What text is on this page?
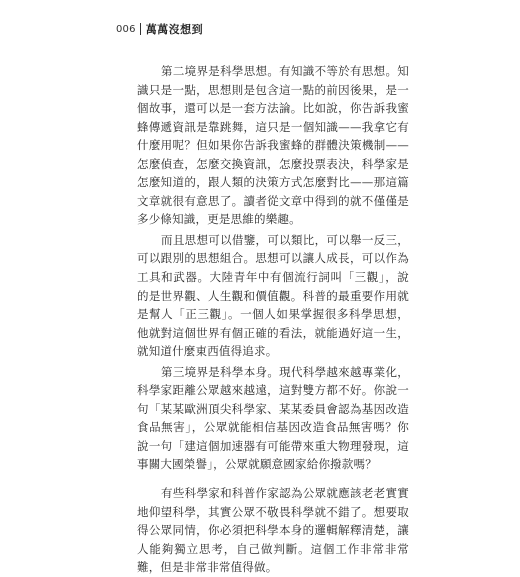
006 萬萬沒想到

第二境界是科學思想。有知識不等於有思想。知識只是一點，思想則是包含這一點的前因後果，是一個故事，還可以是一套方法論。比如說，你告訴我蜜蜂傳遞資訊是靠跳舞，這只是一個知識——我拿它有什麼用呢？但如果你告訴我蜜蜂的群體決策機制——怎麼偵查，怎麼交換資訊，怎麼投票表決，科學家是怎麼知道的，跟人類的決策方式怎麼對比——那這篇文章就很有意思了。讀者從文章中得到的就不僅僅是多少條知識，更是思維的樂趣。

而且思想可以借鑒，可以類比，可以舉一反三，可以跟別的思想組合。思想可以讓人成長，可以作為工具和武器。大陸青年中有個流行詞叫「三觀」，說的是世界觀、人生觀和價值觀。科普的最重要作用就是幫人「正三觀」。一個人如果掌握很多科學思想，他就對這個世界有個正確的看法，就能過好這一生，就知道什麼東西值得追求。

第三境界是科學本身。現代科學越來越專業化，科學家距離公眾越來越遠，這對雙方都不好。你說一句「某某歐洲頂尖科學家、某某委員會認為基因改造食品無害」，公眾就能相信基因改造食品無害嗎？你說一句「建這個加速器有可能帶來重大物理發現，這事關大國榮譽」，公眾就願意國家給你撥款嗎？

有些科學家和科普作家認為公眾就應該老老實實地仰望科學，其實公眾不敬畏科學就不錯了。想要取得公眾同情，你必須把科學本身的邏輯解釋清楚，讓人能夠獨立思考，自己做判斷。這個工作非常非常難，但是非常非常值得做。
